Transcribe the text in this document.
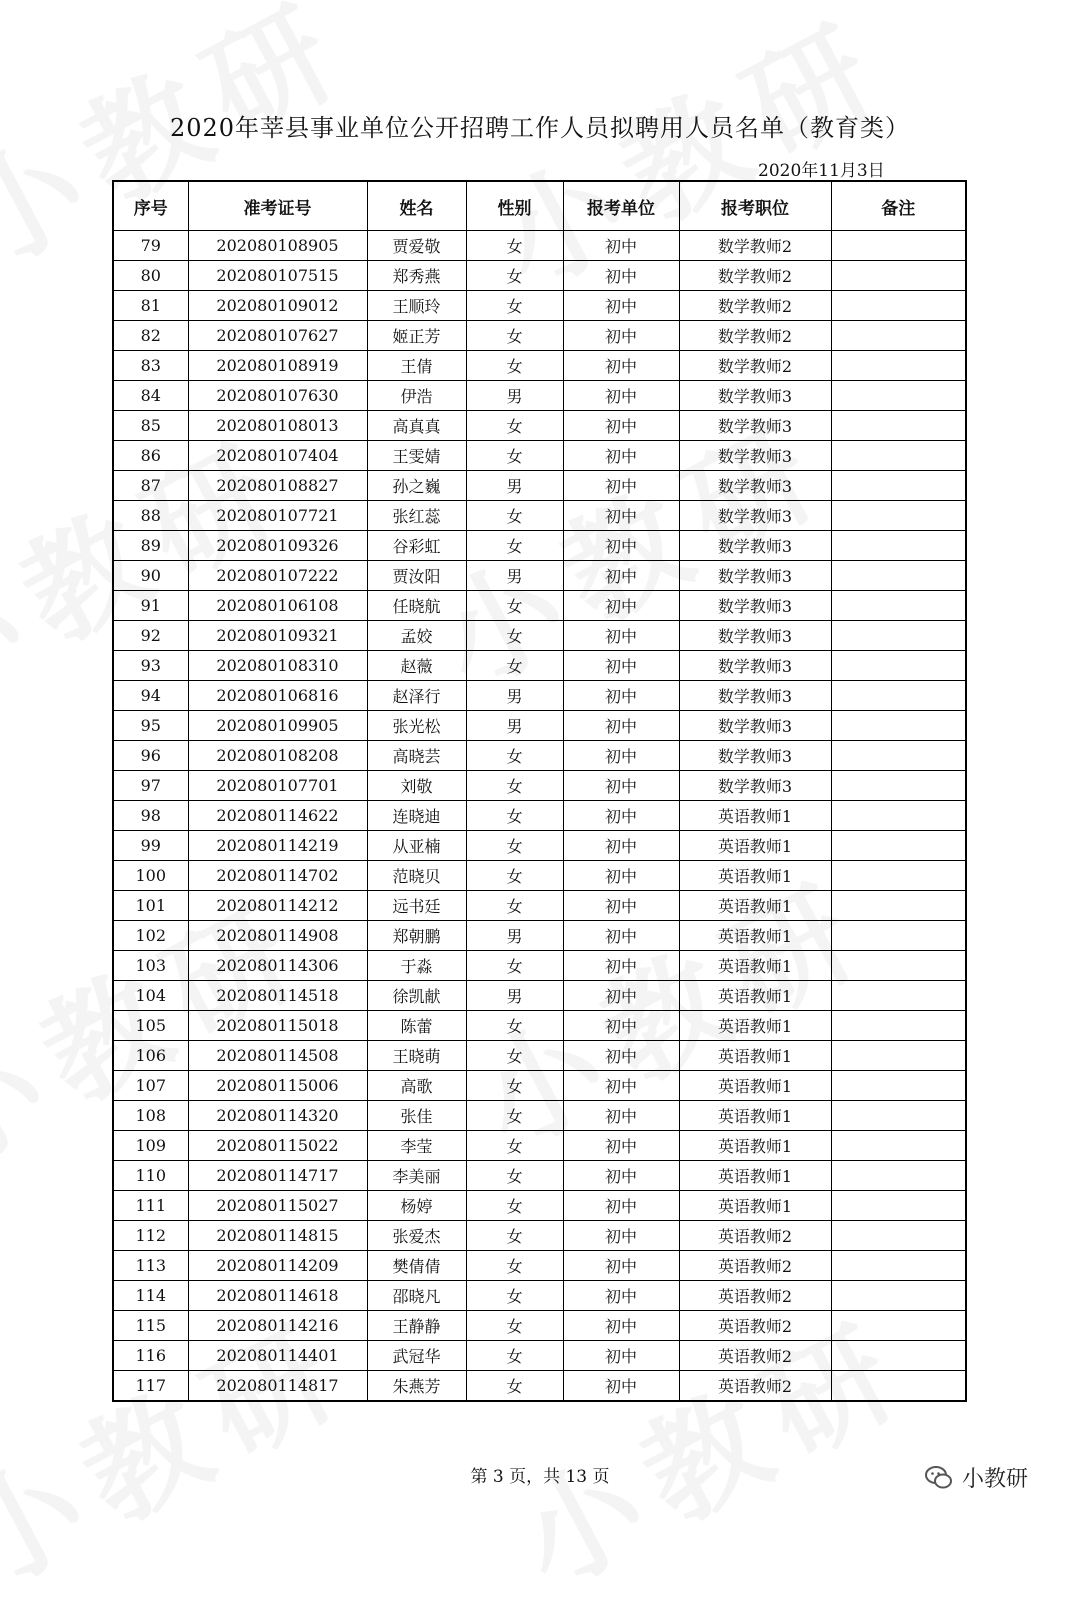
2020年莘县事业单位公开招聘工作人员拟聘用人员名单（教育类）
2020年11月3日
序号	准考证号	姓名	性别	报考单位	报考职位	备注
79	202080108905	贾爱敬	女	初中	数学教师2	
80	202080107515	郑秀燕	女	初中	数学教师2	
81	202080109012	王顺玲	女	初中	数学教师2	
82	202080107627	姬正芳	女	初中	数学教师2	
83	202080108919	王倩	女	初中	数学教师2	
84	202080107630	伊浩	男	初中	数学教师3	
85	202080108013	高真真	女	初中	数学教师3	
86	202080107404	王雯婧	女	初中	数学教师3	
87	202080108827	孙之巍	男	初中	数学教师3	
88	202080107721	张红蕊	女	初中	数学教师3	
89	202080109326	谷彩虹	女	初中	数学教师3	
90	202080107222	贾汝阳	男	初中	数学教师3	
91	202080106108	任晓航	女	初中	数学教师3	
92	202080109321	孟姣	女	初中	数学教师3	
93	202080108310	赵薇	女	初中	数学教师3	
94	202080106816	赵泽行	男	初中	数学教师3	
95	202080109905	张光松	男	初中	数学教师3	
96	202080108208	高晓芸	女	初中	数学教师3	
97	202080107701	刘敬	女	初中	数学教师3	
98	202080114622	连晓迪	女	初中	英语教师1	
99	202080114219	从亚楠	女	初中	英语教师1	
100	202080114702	范晓贝	女	初中	英语教师1	
101	202080114212	远书廷	女	初中	英语教师1	
102	202080114908	郑朝鹏	男	初中	英语教师1	
103	202080114306	于淼	女	初中	英语教师1	
104	202080114518	徐凯献	男	初中	英语教师1	
105	202080115018	陈蕾	女	初中	英语教师1	
106	202080114508	王晓萌	女	初中	英语教师1	
107	202080115006	高歌	女	初中	英语教师1	
108	202080114320	张佳	女	初中	英语教师1	
109	202080115022	李莹	女	初中	英语教师1	
110	202080114717	李美丽	女	初中	英语教师1	
111	202080115027	杨婷	女	初中	英语教师1	
112	202080114815	张爱杰	女	初中	英语教师2	
113	202080114209	樊倩倩	女	初中	英语教师2	
114	202080114618	邵晓凡	女	初中	英语教师2	
115	202080114216	王静静	女	初中	英语教师2	
116	202080114401	武冠华	女	初中	英语教师2	
117	202080114817	朱燕芳	女	初中	英语教师2	
第 3 页，共 13 页	小教研
